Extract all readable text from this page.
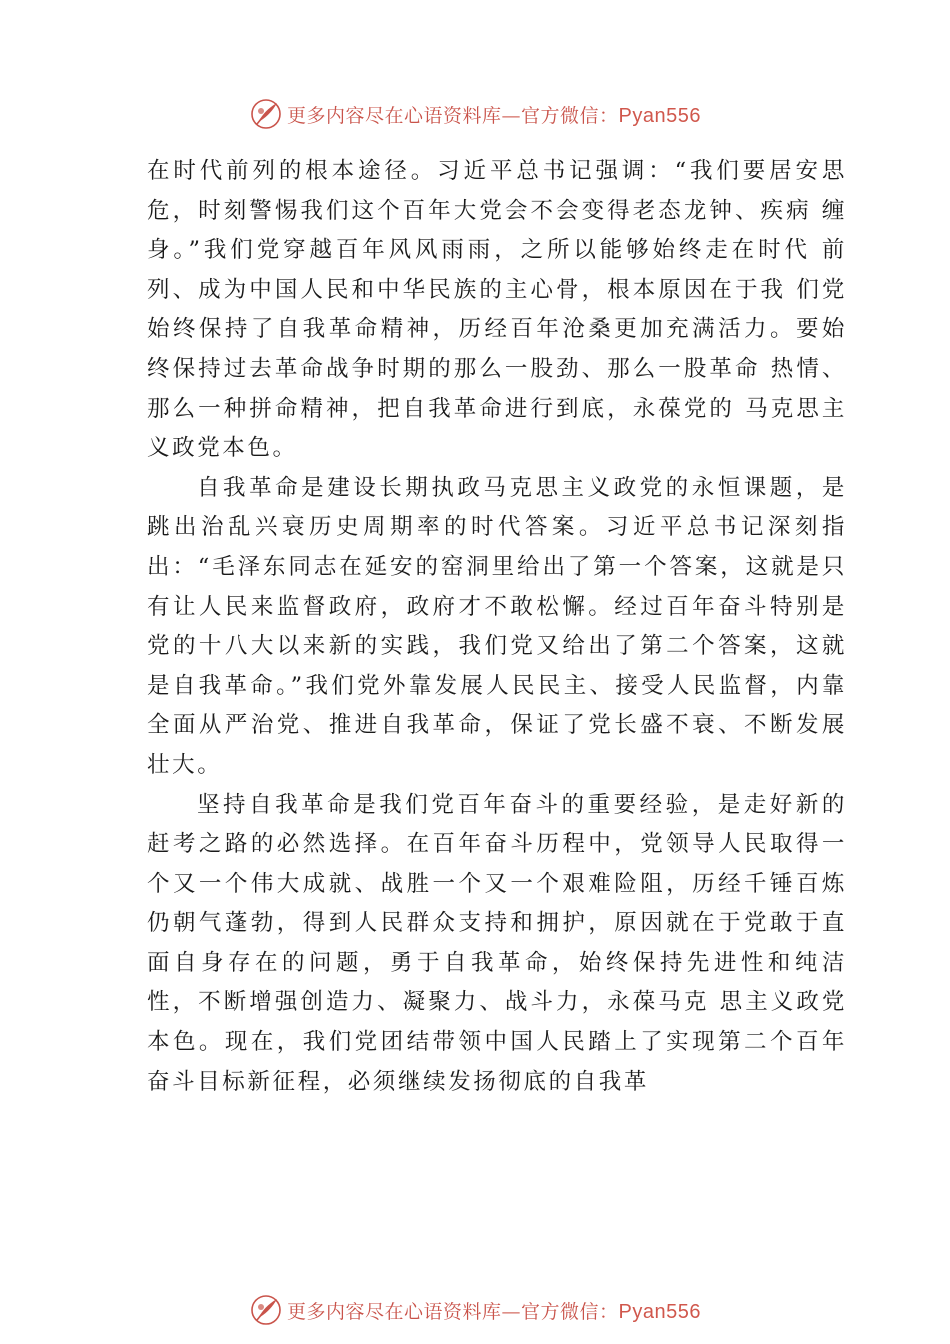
更多内容尽在心语资料库—官方微信：Pyan556

在时代前列的根本途径。习近平总书记强调：“我们要居安思 危，时刻警惕我们这个百年大党会不会变得老态龙钟、疾病 缠身。”我们党穿越百年风风雨雨，之所以能够始终走在时代 前列、成为中国人民和中华民族的主心骨，根本原因在于我 们党始终保持了自我革命精神，历经百年沧桑更加充满活力。要始终保持过去革命战争时期的那么一股劲、那么一股革命 热情、那么一种拼命精神，把自我革命进行到底，永葆党的 马克思主义政党本色。

自我革命是建设长期执政马克思主义政党的永恒课题，是跳出治乱兴衰历史周期率的时代答案。习近平总书记深刻指出：“毛泽东同志在延安的窑洞里给出了第一个答案，这就是只有让人民来监督政府，政府才不敢松懈。经过百年奋斗特别是党的十八大以来新的实践，我们党又给出了第二个答案，这就是自我革命。”我们党外靠发展人民民主、接受人民监督，内靠全面从严治党、推进自我革命，保证了党长盛不衰、不断发展壮大。

坚持自我革命是我们党百年奋斗的重要经验，是走好新的赶考之路的必然选择。在百年奋斗历程中，党领导人民取得一个又一个伟大成就、战胜一个又一个艰难险阻，历经千锤百炼仍朝气蓬勃，得到人民群众支持和拥护，原因就在于党敢于直面自身存在的问题，勇于自我革命，始终保持先进性和纯洁性，不断增强创造力、凝聚力、战斗力，永葆马克 思主义政党本色。现在，我们党团结带领中国人民踏上了实现第二个百年奋斗目标新征程，必须继续发扬彻底的自我革

更多内容尽在心语资料库—官方微信：Pyan556
